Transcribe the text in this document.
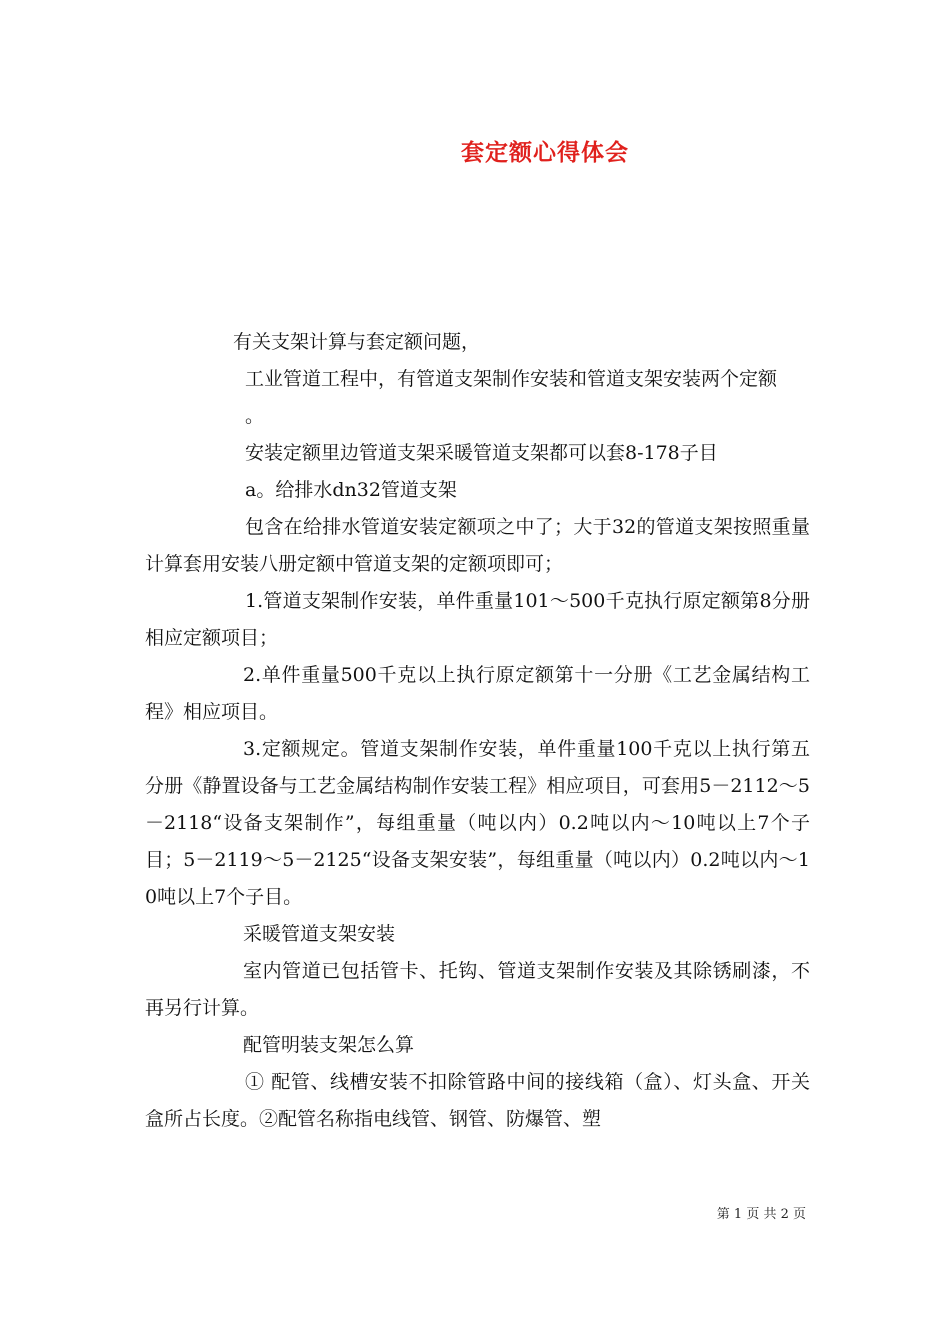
套定额心得体会

有关支架计算与套定额问题，

工业管道工程中，有管道支架制作安装和管道支架安装两个定额

。

安装定额里边管道支架采暖管道支架都可以套8-178子目

a。给排水dn32管道支架

包含在给排水管道安装定额项之中了；大于32的管道支架按照重量计算套用安装八册定额中管道支架的定额项即可；

1.管道支架制作安装，单件重量101～500千克执行原定额第8分册相应定额项目；

2.单件重量500千克以上执行原定额第十一分册《工艺金属结构工程》相应项目。

3.定额规定。管道支架制作安装，单件重量100千克以上执行第五分册《静置设备与工艺金属结构制作安装工程》相应项目，可套用5－2112～5－2118“设备支架制作”，每组重量（吨以内）0.2吨以内～10吨以上7个子目；5－2119～5－2125“设备支架安装”，每组重量（吨以内）0.2吨以内～10吨以上7个子目。

采暖管道支架安装

室内管道已包括管卡、托钩、管道支架制作安装及其除锈刷漆，不再另行计算。

配管明装支架怎么算

① 配管、线槽安装不扣除管路中间的接线箱（盒）、灯头盒、开关盒所占长度。②配管名称指电线管、钢管、防爆管、塑

第 1 页 共 2 页
